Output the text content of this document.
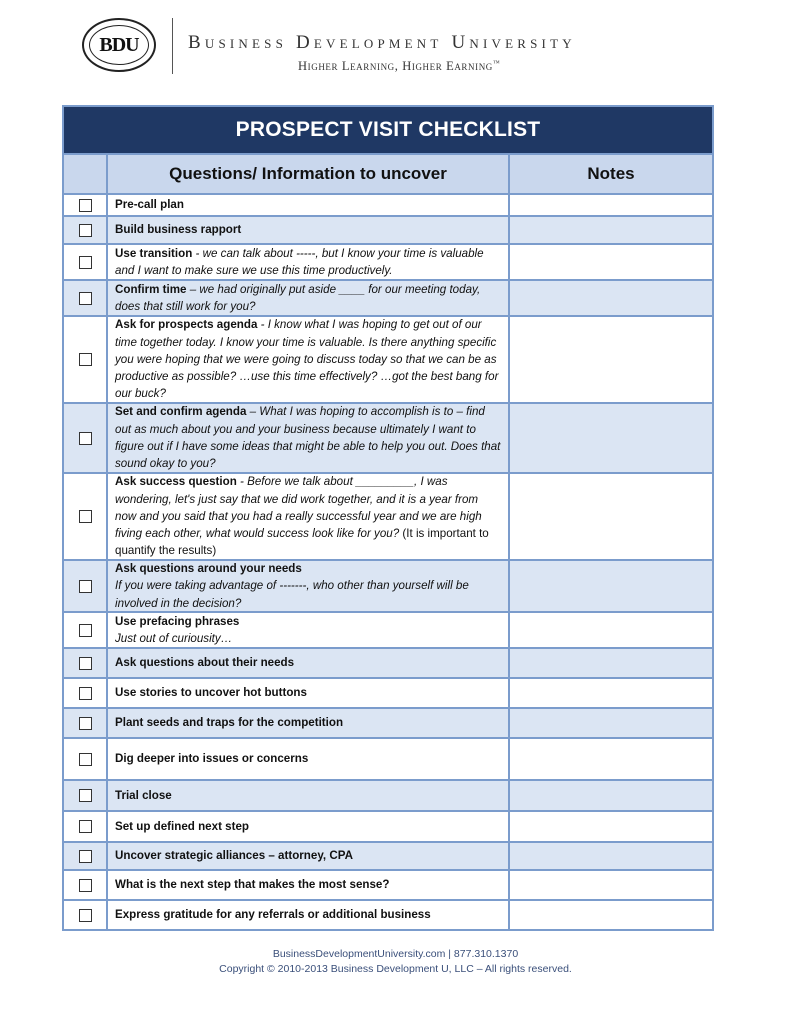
BDU	Business Development University
Higher Learning, Higher Earning™
PROSPECT VISIT CHECKLIST
Questions/ Information to uncover	Notes
Pre-call plan
Build business rapport
Use transition - we can talk about -----, but I know your time is valuable and I want to make sure we use this time productively.
Confirm time – we had originally put aside ____ for our meeting today, does that still work for you?
Ask for prospects agenda - I know what I was hoping to get out of our time together today. I know your time is valuable. Is there anything specific you were hoping that we were going to discuss today so that we can be as productive as possible? …use this time effectively? …got the best bang for our buck?
Set and confirm agenda – What I was hoping to accomplish is to – find out as much about you and your business because ultimately I want to figure out if I have some ideas that might be able to help you out. Does that sound okay to you?
Ask success question - Before we talk about _________, I was wondering, let's just say that we did work together, and it is a year from now and you said that you had a really successful year and we are high fiving each other, what would success look like for you? (It is important to quantify the results)
Ask questions around your needs
If you were taking advantage of -------, who other than yourself will be involved in the decision?
Use prefacing phrases
Just out of curiousity…
Ask questions about their needs
Use stories to uncover hot buttons
Plant seeds and traps for the competition
Dig deeper into issues or concerns
Trial close
Set up defined next step
Uncover strategic alliances – attorney, CPA
What is the next step that makes the most sense?
Express gratitude for any referrals or additional business
BusinessDevelopmentUniversity.com | 877.310.1370
Copyright © 2010-2013 Business Development U, LLC – All rights reserved.
